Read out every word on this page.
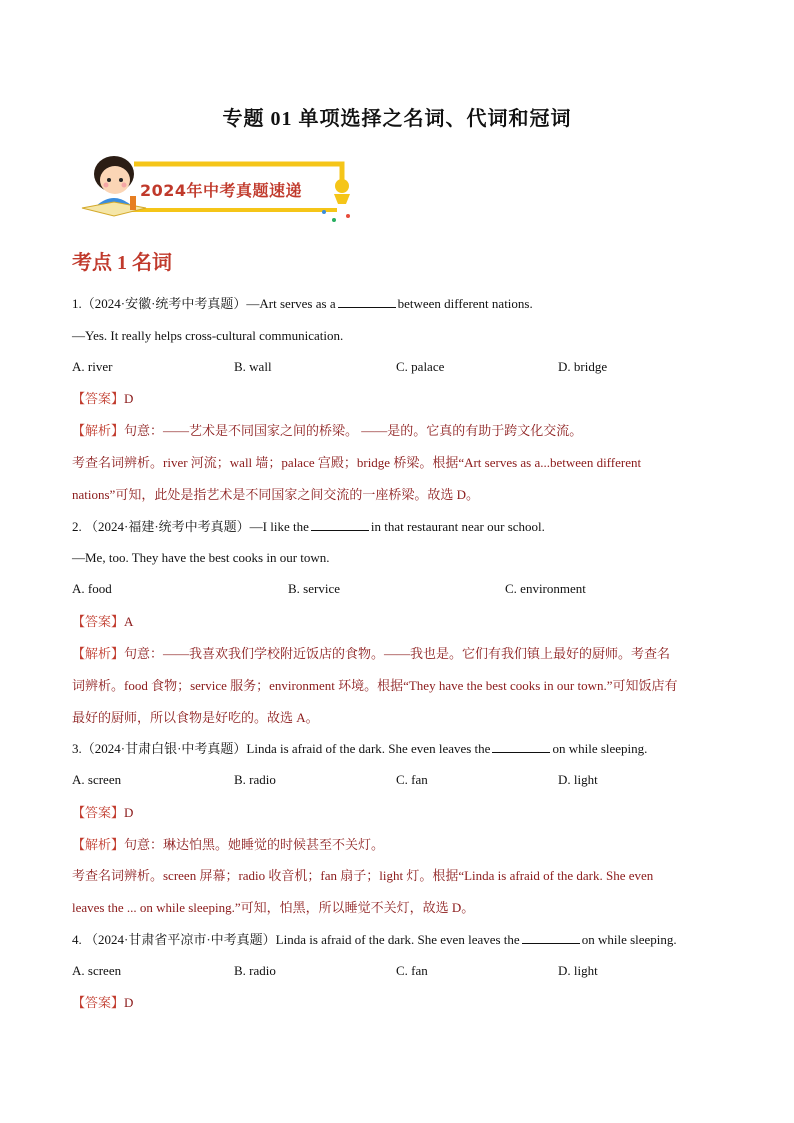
专题 01 单项选择之名词、代词和冠词
2024年中考真题速递
考点 1 名词
1.（2024·安徽·统考中考真题）—Art serves as a	between different nations.
—Yes. It really helps cross-cultural communication.
A. river	B. wall	C. palace	D. bridge
【答案】D
【解析】句意：——艺术是不同国家之间的桥梁。 ——是的。它真的有助于跨文化交流。
考查名词辨析。river 河流；wall 墙；palace 宫殿；bridge 桥梁。根据“Art serves as a...between different
nations”可知，此处是指艺术是不同国家之间交流的一座桥梁。故选 D。
2. （2024·福建·统考中考真题）—I like the	in that restaurant near our school.
—Me, too. They have the best cooks in our town.
A. food	B. service	C. environment
【答案】A
【解析】句意：——我喜欢我们学校附近饭店的食物。——我也是。它们有我们镇上最好的厨师。考查名
词辨析。food 食物；service 服务；environment 环境。根据“They have the best cooks in our town.”可知饭店有
最好的厨师，所以食物是好吃的。故选 A。
3.（2024·甘肃白银·中考真题）Linda is afraid of the dark. She even leaves the	on while sleeping.
A. screen	B. radio	C. fan	D. light
【答案】D
【解析】句意：琳达怕黑。她睡觉的时候甚至不关灯。
考查名词辨析。screen 屏幕；radio 收音机；fan 扇子；light 灯。根据“Linda is afraid of the dark. She even
leaves the ... on while sleeping.”可知，怕黑，所以睡觉不关灯，故选 D。
4. （2024·甘肃省平凉市·中考真题）Linda is afraid of the dark. She even leaves the	on while sleeping.
A. screen	B. radio	C. fan	D. light
【答案】D
